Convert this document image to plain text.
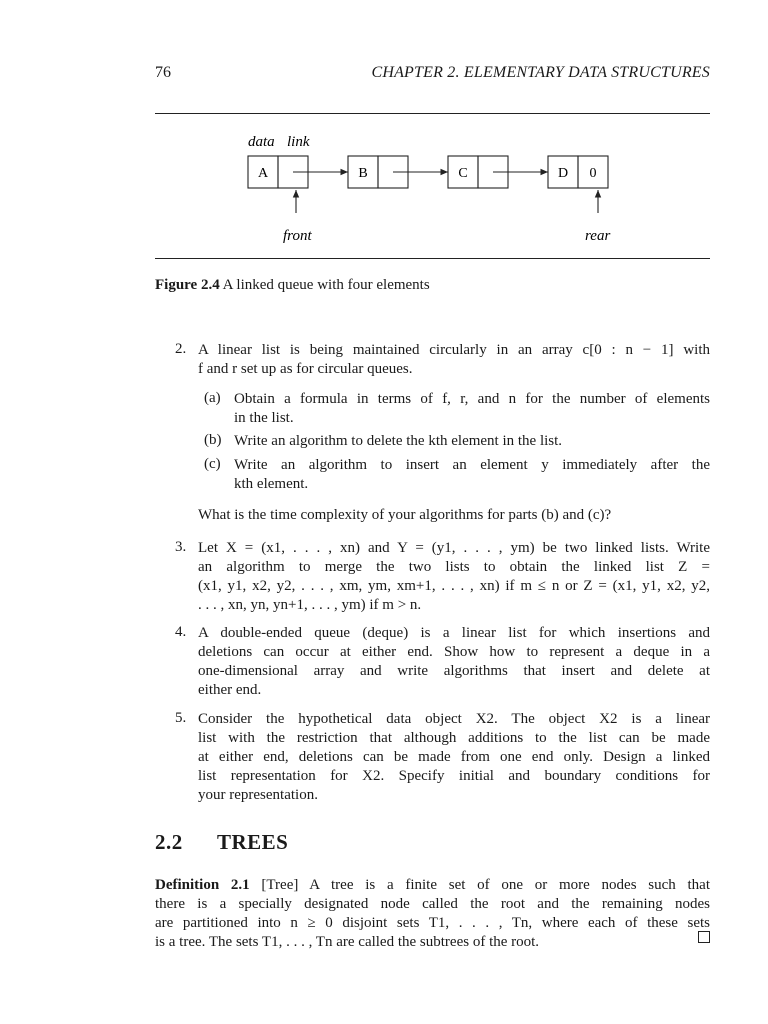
76	CHAPTER 2. ELEMENTARY DATA STRUCTURES
data link
A	B	C	D 0
front	rear
Figure 2.4 A linked queue with four elements
2. A linear list is being maintained circularly in an array c[0 : n − 1] with
f and r set up as for circular queues.
(a) Obtain a formula in terms of f, r, and n for the number of elements
in the list.
(b) Write an algorithm to delete the kth element in the list.
(c) Write an algorithm to insert an element y immediately after the
kth element.
What is the time complexity of your algorithms for parts (b) and (c)?
3. Let X = (x1, . . . , xn) and Y = (y1, . . . , ym) be two linked lists. Write
an algorithm to merge the two lists to obtain the linked list Z =
(x1, y1, x2, y2, . . . , xm, ym, xm+1, . . . , xn) if m ≤ n or Z = (x1, y1, x2, y2,
. . . , xn, yn, yn+1, . . . , ym) if m > n.
4. A double-ended queue (deque) is a linear list for which insertions and
deletions can occur at either end. Show how to represent a deque in a
one-dimensional array and write algorithms that insert and delete at
either end.
5. Consider the hypothetical data object X2. The object X2 is a linear
list with the restriction that although additions to the list can be made
at either end, deletions can be made from one end only. Design a linked
list representation for X2. Specify initial and boundary conditions for
your representation.
2.2 TREES
Definition 2.1 [Tree] A tree is a finite set of one or more nodes such that
there is a specially designated node called the root and the remaining nodes
are partitioned into n ≥ 0 disjoint sets T1, . . . , Tn, where each of these sets
is a tree. The sets T1, . . . , Tn are called the subtrees of the root.
